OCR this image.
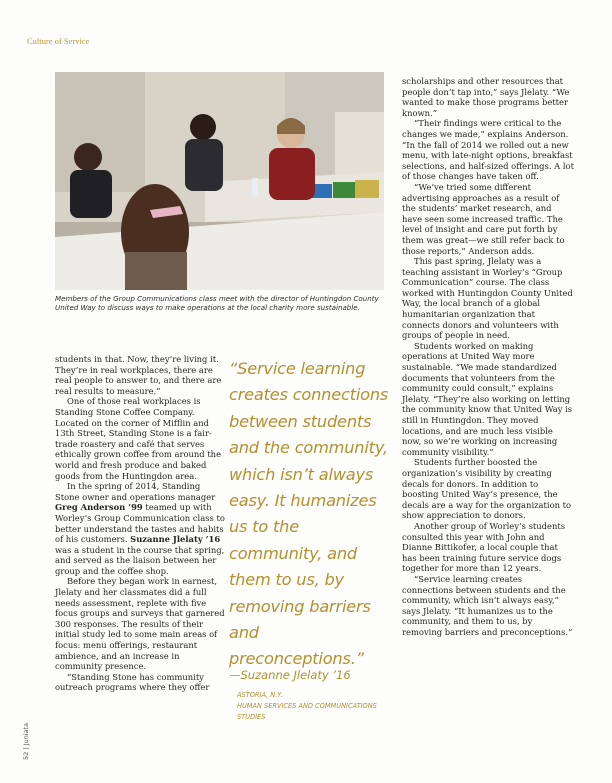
Culture of Service
Members of the Group Communications class meet with the director of Huntingdon County United Way to discuss ways to make operations at the local charity more sustainable.

students in that. Now, they’re living it. They’re in real workplaces, there are real people to answer to, and there are real results to measure.”

One of those real workplaces is Standing Stone Coffee Company. Located on the corner of Mifflin and 13th Street, Standing Stone is a fair-trade roastery and café that serves ethically grown coffee from around the world and fresh produce and baked goods from the Huntingdon area.

In the spring of 2014, Standing Stone owner and operations manager Greg Anderson ’99 teamed up with Worley’s Group Communication class to better understand the tastes and habits of his customers. Suzanne Jlelaty ’16 was a student in the course that spring, and served as the liaison between her group and the coffee shop.

Before they began work in earnest, Jlelaty and her classmates did a full needs assessment, replete with five focus groups and surveys that garnered 300 responses. The results of their initial study led to some main areas of focus: menu offerings, restaurant ambience, and an increase in community presence.

“Standing Stone has community outreach programs where they offer

“Service learning creates connections between students and the community, which isn’t always easy. It humanizes us to the community, and them to us, by removing barriers and preconceptions.”
—Suzanne Jlelaty ’16
ASTORIA, N.Y.
HUMAN SERVICES AND COMMUNICATIONS STUDIES

scholarships and other resources that people don’t tap into,” says Jlelaty. “We wanted to make those programs better known.”

“Their findings were critical to the changes we made,” explains Anderson. “In the fall of 2014 we rolled out a new menu, with late-night options, breakfast selections, and half-sized offerings. A lot of those changes have taken off.

“We’ve tried some different advertising approaches as a result of the students’ market research, and have seen some increased traffic. The level of insight and care put forth by them was great—we still refer back to those reports,” Anderson adds.

This past spring, Jlelaty was a teaching assistant in Worley’s “Group Communication” course. The class worked with Huntingdon County United Way, the local branch of a global humanitarian organization that connects donors and volunteers with groups of people in need.

Students worked on making operations at United Way more sustainable. “We made standardized documents that volunteers from the community could consult,” explains Jlelaty. “They’re also working on letting the community know that United Way is still in Huntingdon. They moved locations, and are much less visible now, so we’re working on increasing community visibility.”

Students further boosted the organization’s visibility by creating decals for donors. In addition to boosting United Way’s presence, the decals are a way for the organization to show appreciation to donors.

Another group of Worley’s students consulted this year with John and Dianne Bittikofer, a local couple that has been training future service dogs together for more than 12 years.

“Service learning creates connections between students and the community, which isn’t always easy,” says Jlelaty. “It humanizes us to the community, and them to us, by removing barriers and preconceptions.”

52 | Juniata
